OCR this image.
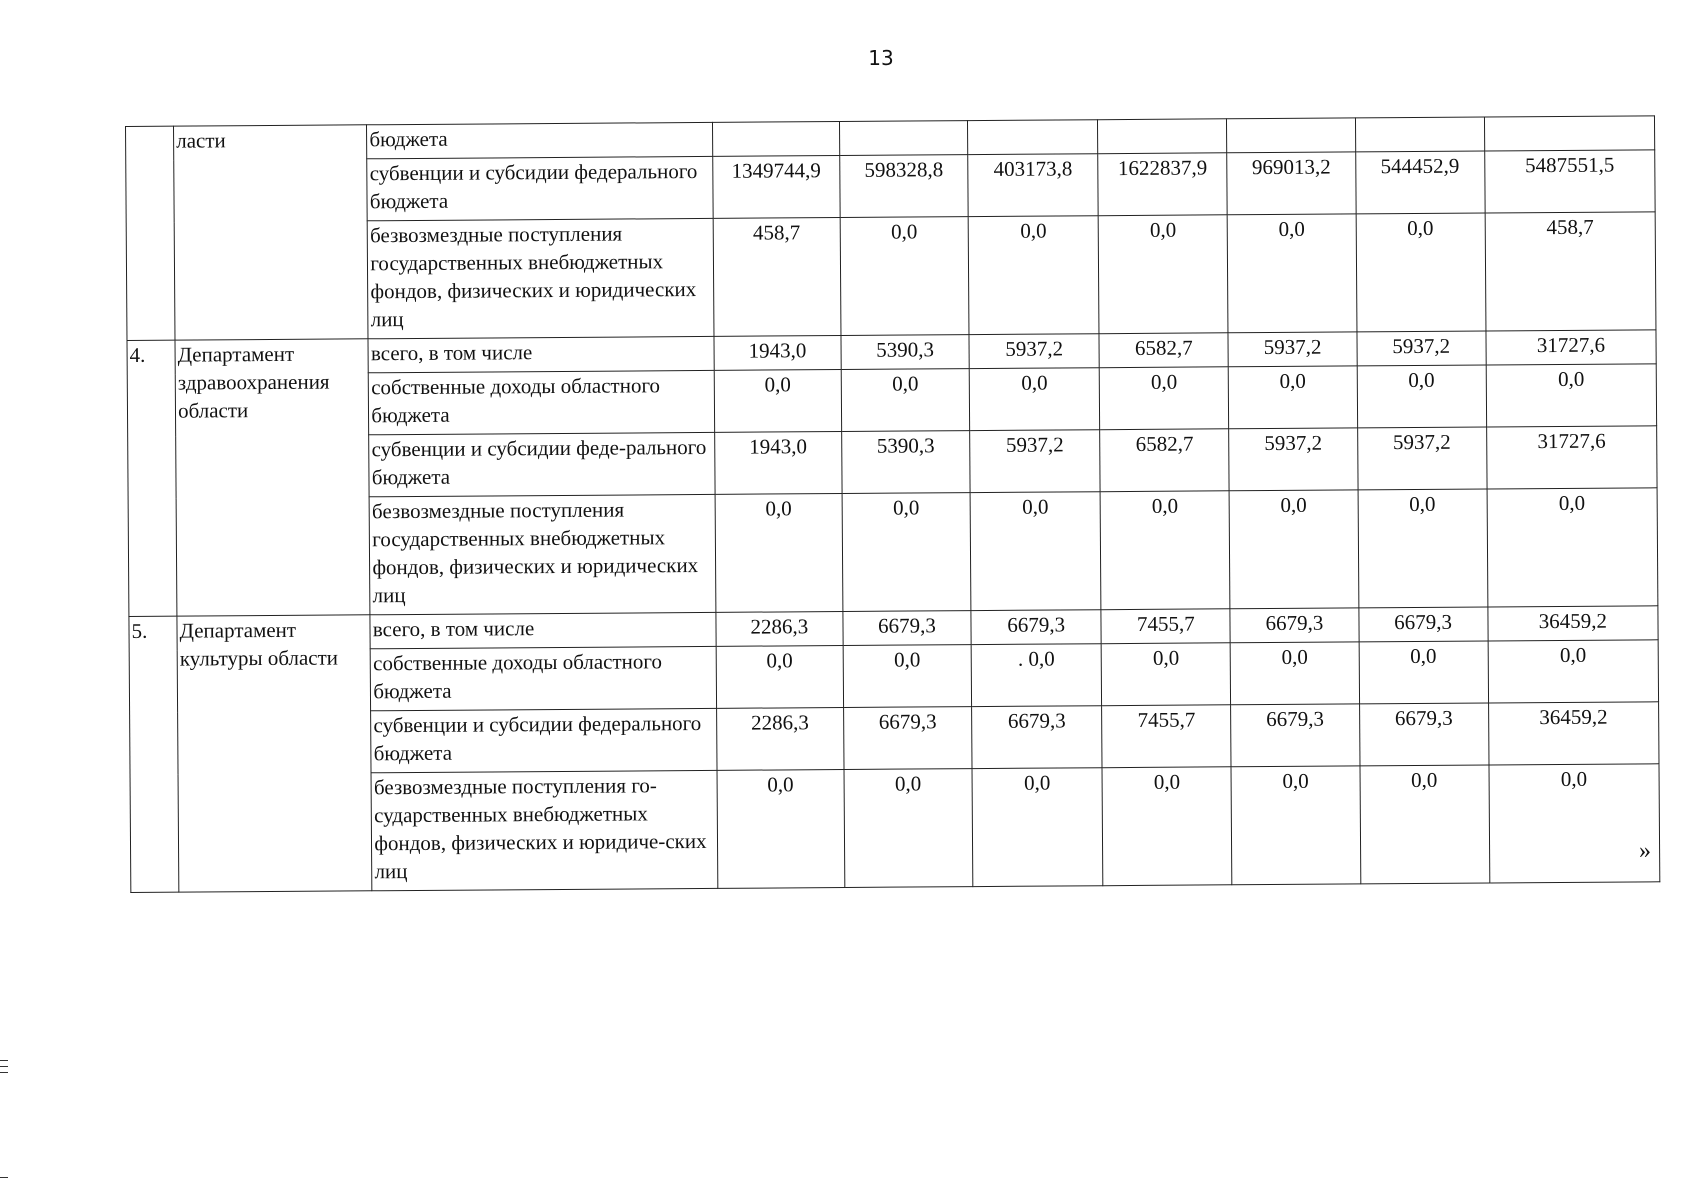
13
	ласти	бюджета							
		субвенции и субсидии федерального бюджета	1349744,9	598328,8	403173,8	1622837,9	969013,2	544452,9	5487551,5
		безвозмездные поступления государственных внебюджетных фондов, физических и юридических лиц	458,7	0,0	0,0	0,0	0,0	0,0	458,7
4.	Департамент здравоохранения области	всего, в том числе	1943,0	5390,3	5937,2	6582,7	5937,2	5937,2	31727,6
		собственные доходы областного бюджета	0,0	0,0	0,0	0,0	0,0	0,0	0,0
		субвенции и субсидии феде-рального бюджета	1943,0	5390,3	5937,2	6582,7	5937,2	5937,2	31727,6
		безвозмездные поступления государственных внебюджетных фондов, физических и юридических лиц	0,0	0,0	0,0	0,0	0,0	0,0	0,0
5.	Департамент культуры области	всего, в том числе	2286,3	6679,3	6679,3	7455,7	6679,3	6679,3	36459,2
		собственные доходы областного бюджета	0,0	0,0	. 0,0	0,0	0,0	0,0	0,0
		субвенции и субсидии федерального бюджета	2286,3	6679,3	6679,3	7455,7	6679,3	6679,3	36459,2
		безвозмездные поступления го-сударственных внебюджетных фондов, физических и юридиче-ских лиц	0,0	0,0	0,0	0,0	0,0	0,0	0,0
»
